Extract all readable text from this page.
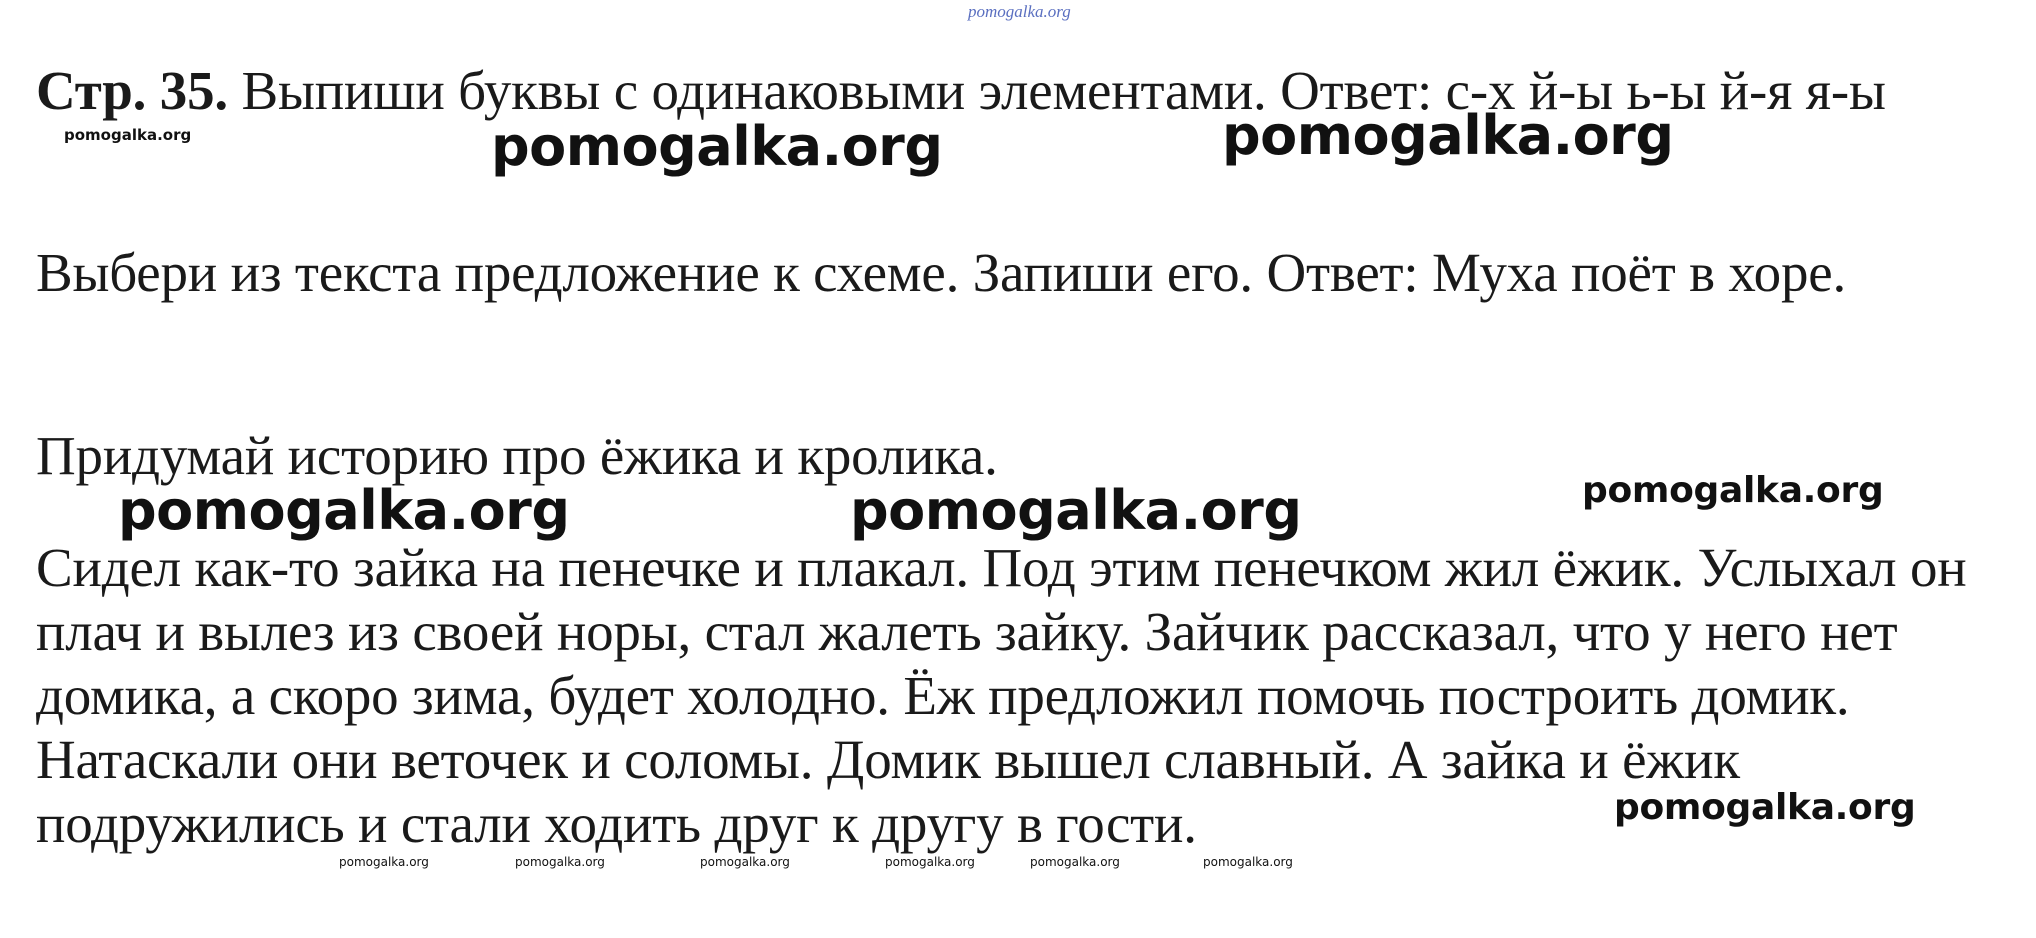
pomogalka.org

Стр. 35. Выпиши буквы с одинаковыми элементами. Ответ: с-х й-ы ь-ы й-я я-ы

Выбери из текста предложение к схеме. Запиши его. Ответ: Муха поёт в хоре.

Придумай историю про ёжика и кролика.

Сидел как-то зайка на пенечке и плакал. Под этим пенечком жил ёжик. Услыхал он плач и вылез из своей норы, стал жалеть зайку. Зайчик рассказал, что у него нет домика, а скоро зима, будет холодно. Ёж предложил помочь построить домик. Натаскали они веточек и соломы. Домик вышел славный. А зайка и ёжик подружились и стали ходить друг к другу в гости.

pomogalka.org	pomogalka.org	pomogalka.org
pomogalka.org	pomogalka.org	pomogalka.org
pomogalka.org
pomogalka.org	pomogalka.org	pomogalka.org	pomogalka.org	pomogalka.org	pomogalka.org
